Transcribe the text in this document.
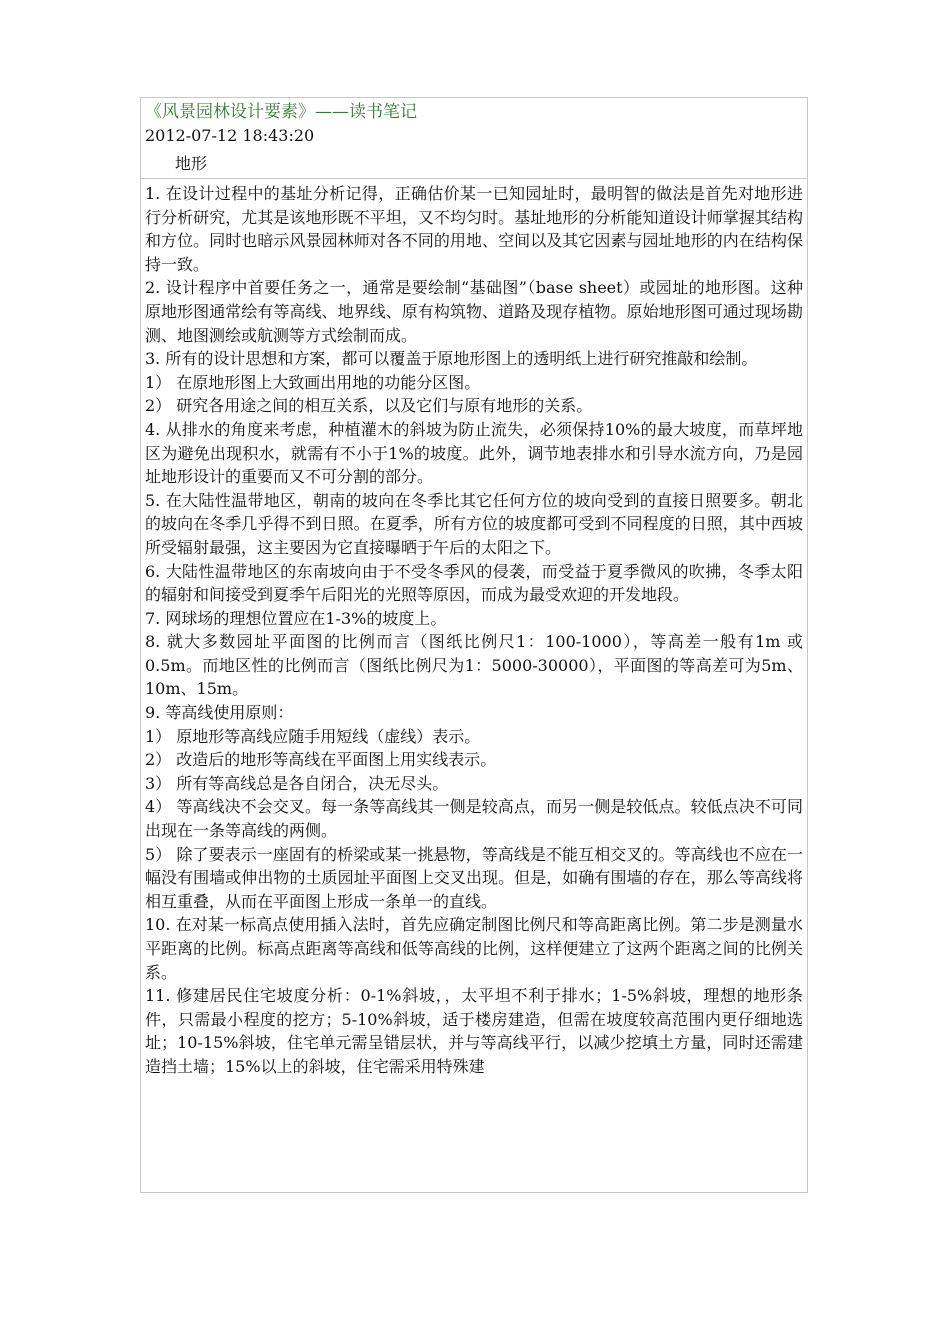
《风景园林设计要素》——读书笔记
2012-07-12 18:43:20
地形

1. 在设计过程中的基址分析记得，正确估价某一已知园址时，最明智的做法是首先对地形进行分析研究，尤其是该地形既不平坦，又不均匀时。基址地形的分析能知道设计师掌握其结构和方位。同时也暗示风景园林师对各不同的用地、空间以及其它因素与园址地形的内在结构保持一致。

2. 设计程序中首要任务之一，通常是要绘制“基础图”（base sheet）或园址的地形图。这种原地形图通常绘有等高线、地界线、原有构筑物、道路及现存植物。原始地形图可通过现场勘测、地图测绘或航测等方式绘制而成。

3. 所有的设计思想和方案，都可以覆盖于原地形图上的透明纸上进行研究推敲和绘制。

1） 在原地形图上大致画出用地的功能分区图。

2） 研究各用途之间的相互关系，以及它们与原有地形的关系。

4. 从排水的角度来考虑，种植灌木的斜坡为防止流失，必须保持10%的最大坡度，而草坪地区为避免出现积水，就需有不小于1%的坡度。此外，调节地表排水和引导水流方向，乃是园址地形设计的重要而又不可分割的部分。

5. 在大陆性温带地区，朝南的坡向在冬季比其它任何方位的坡向受到的直接日照要多。朝北的坡向在冬季几乎得不到日照。在夏季，所有方位的坡度都可受到不同程度的日照，其中西坡所受辐射最强，这主要因为它直接曝晒于午后的太阳之下。

6. 大陆性温带地区的东南坡向由于不受冬季风的侵袭，而受益于夏季微风的吹拂，冬季太阳的辐射和间接受到夏季午后阳光的光照等原因，而成为最受欢迎的开发地段。

7. 网球场的理想位置应在1-3%的坡度上。

8. 就大多数园址平面图的比例而言（图纸比例尺1：100-1000），等高差一般有1m 或0.5m。而地区性的比例而言（图纸比例尺为1：5000-30000），平面图的等高差可为5m、10m、15m。

9. 等高线使用原则：

1） 原地形等高线应随手用短线（虚线）表示。

2） 改造后的地形等高线在平面图上用实线表示。

3） 所有等高线总是各自闭合，决无尽头。

4） 等高线决不会交叉。每一条等高线其一侧是较高点，而另一侧是较低点。较低点决不可同出现在一条等高线的两侧。

5） 除了要表示一座固有的桥梁或某一挑悬物，等高线是不能互相交叉的。等高线也不应在一幅没有围墙或伸出物的土质园址平面图上交叉出现。但是，如确有围墙的存在，那么等高线将相互重叠，从而在平面图上形成一条单一的直线。

10. 在对某一标高点使用插入法时，首先应确定制图比例尺和等高距离比例。第二步是测量水平距离的比例。标高点距离等高线和低等高线的比例，这样便建立了这两个距离之间的比例关系。

11. 修建居民住宅坡度分析：0-1%斜坡，，太平坦不利于排水；1-5%斜坡，理想的地形条件，只需最小程度的挖方；5-10%斜坡，适于楼房建造，但需在坡度较高范围内更仔细地选址；10-15%斜坡，住宅单元需呈错层状，并与等高线平行，以减少挖填土方量，同时还需建造挡土墙；15%以上的斜坡，住宅需采用特殊建
